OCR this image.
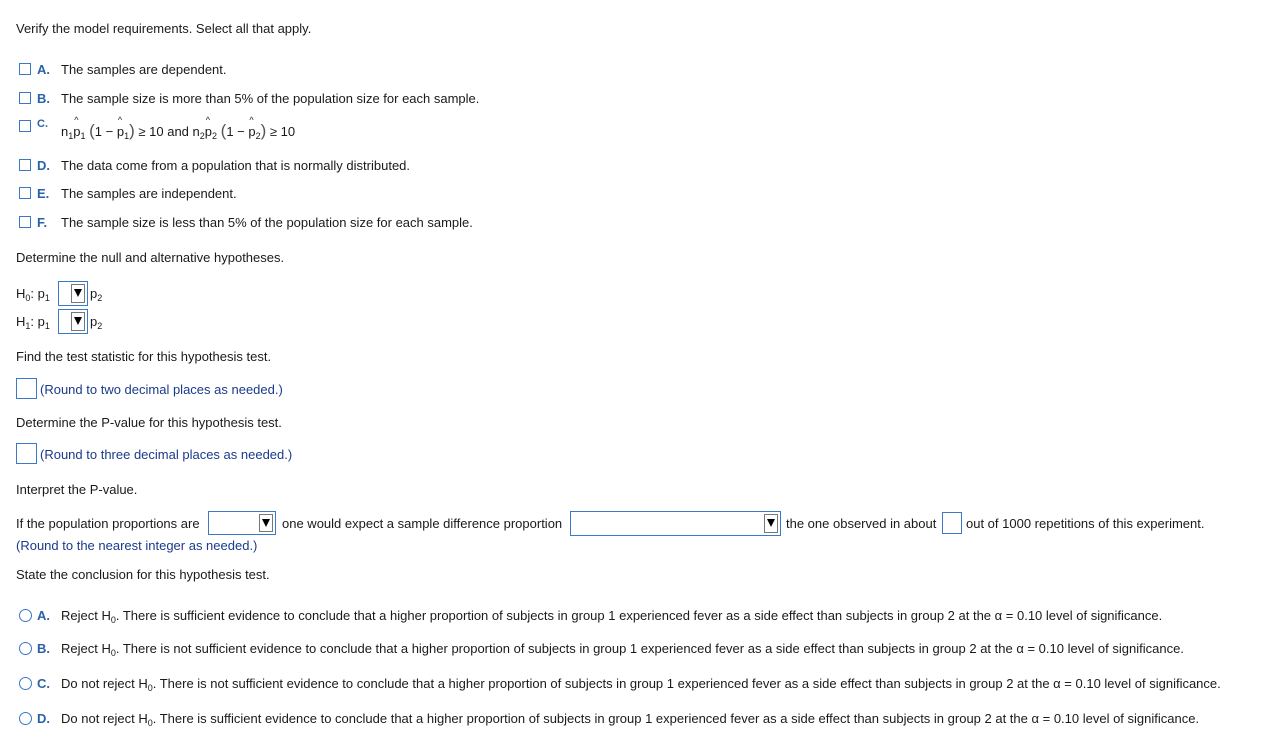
Verify the model requirements. Select all that apply.
A. The samples are dependent.
B. The sample size is more than 5% of the population size for each sample.
C. $n_1\^{}$ $p_1$ (1 − ^ $p_1) \ge 10$ and $n_2\^{}$ $p_2$ (1 − ^ $p_2) \ge 10$
D. The data come from a population that is normally distributed.
E. The samples are independent.
F. The sample size is less than 5% of the population size for each sample.
Determine the null and alternative hypotheses.
$H_0$: $p_1$	$p_2$
$H_1$: $p_1$	$p_2$
Find the test statistic for this hypothesis test.
(Round to two decimal places as needed.)
Determine the P-value for this hypothesis test.
(Round to three decimal places as needed.)
Interpret the P-value.
If the population proportions are	one would expect a sample difference proportion	the one observed in about out of 1000 repetitions of this experiment.
(Round to the nearest integer as needed.)
State the conclusion for this hypothesis test.
A. Reject $H_0$. There is sufficient evidence to conclude that a higher proportion of subjects in group 1 experienced fever as a side effect than subjects in group 2 at the α = 0.10 level of significance.
B. Reject $H_0$. There is not sufficient evidence to conclude that a higher proportion of subjects in group 1 experienced fever as a side effect than subjects in group 2 at the α = 0.10 level of significance.
C. Do not reject $H_0$. There is not sufficient evidence to conclude that a higher proportion of subjects in group 1 experienced fever as a side effect than subjects in group 2 at the α = 0.10 level of significance.
D. Do not reject $H_0$. There is sufficient evidence to conclude that a higher proportion of subjects in group 1 experienced fever as a side effect than subjects in group 2 at the α = 0.10 level of significance.
